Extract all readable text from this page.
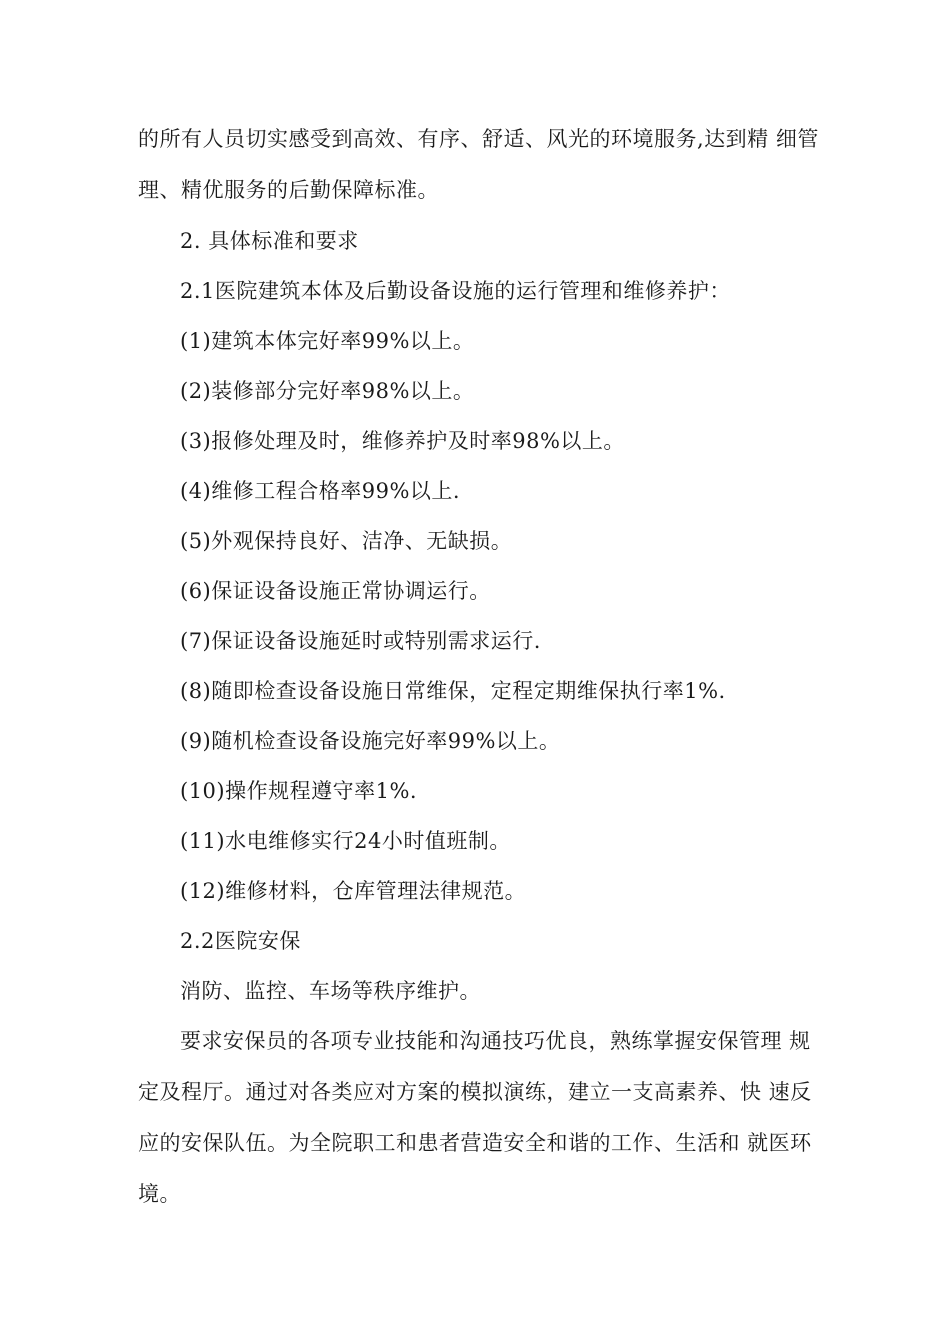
的所有人员切实感受到高效、有序、舒适、风光的环境服务,达到精 细管
理、精优服务的后勤保障标准。
2. 具体标准和要求
2.1医院建筑本体及后勤设备设施的运行管理和维修养护：
(1)建筑本体完好率99%以上。
(2)装修部分完好率98%以上。
(3)报修处理及时，维修养护及时率98%以上。
(4)维修工程合格率99%以上.
(5)外观保持良好、洁净、无缺损。
(6)保证设备设施正常协调运行。
(7)保证设备设施延时或特别需求运行.
(8)随即检查设备设施日常维保，定程定期维保执行率1%.
(9)随机检查设备设施完好率99%以上。
(10)操作规程遵守率1%.
(11)水电维修实行24小时值班制。
(12)维修材料，仓库管理法律规范。
2.2医院安保
消防、监控、车场等秩序维护。
要求安保员的各项专业技能和沟通技巧优良，熟练掌握安保管理 规
定及程厅。通过对各类应对方案的模拟演练，建立一支高素养、快 速反
应的安保队伍。为全院职工和患者营造安全和谐的工作、生活和 就医环
境。
